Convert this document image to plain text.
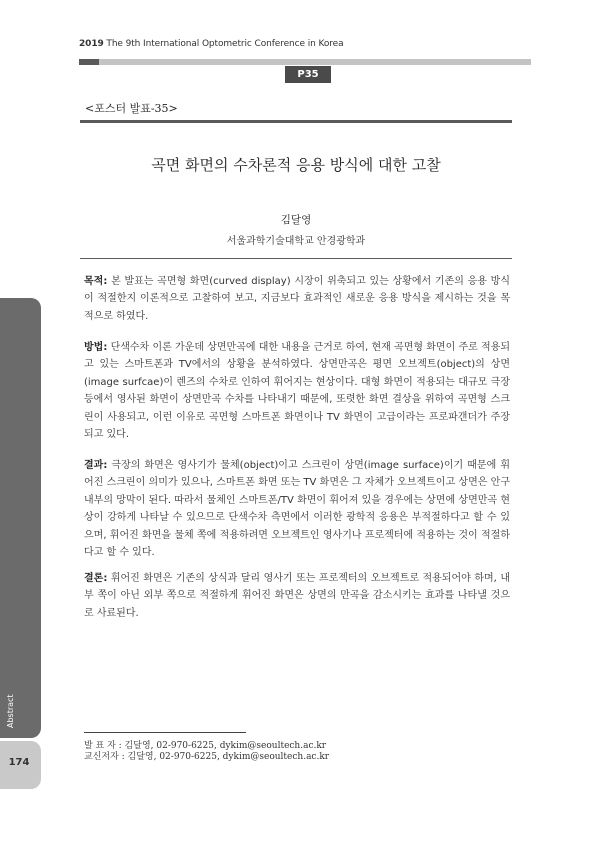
2019 The 9th International Optometric Conference in Korea
P35
<포스터 발표-35>
곡면 화면의 수차론적 응용 방식에 대한 고찰
김달영
서울과학기술대학교 안경광학과
목적: 본 발표는 곡면형 화면(curved display) 시장이 위축되고 있는 상황에서 기존의 응용 방식이 적절한지 이론적으로 고찰하여 보고, 지금보다 효과적인 새로운 응용 방식을 제시하는 것을 목적으로 하였다.
방법: 단색수차 이론 가운데 상면만곡에 대한 내용을 근거로 하여, 현재 곡면형 화면이 주로 적용되고 있는 스마트폰과 TV에서의 상황을 분석하였다. 상면만곡은 평면 오브젝트(object)의 상면(image surfcae)이 렌즈의 수차로 인하여 휘어지는 현상이다. 대형 화면이 적용되는 대규모 극장 등에서 영사된 화면이 상면만곡 수차를 나타내기 때문에, 또렷한 화면 결상을 위하여 곡면형 스크린이 사용되고, 이런 이유로 곡면형 스마트폰 화면이나 TV 화면이 고급이라는 프로파갠더가 주장되고 있다.
결과: 극장의 화면은 영사기가 물체(object)이고 스크린이 상면(image surface)이기 때문에 휘어진 스크린이 의미가 있으나, 스마트폰 화면 또는 TV 화면은 그 자체가 오브젝트이고 상면은 안구 내부의 망막이 된다. 따라서 물체인 스마트폰/TV 화면이 휘어져 있을 경우에는 상면에 상면만곡 현상이 강하게 나타날 수 있으므로 단색수차 측면에서 이러한 광학적 응용은 부적절하다고 할 수 있으며, 휘어진 화면을 물체 쪽에 적용하려면 오브젝트인 영사기나 프로젝터에 적용하는 것이 적절하다고 할 수 있다.
결론: 휘어진 화면은 기존의 상식과 달리 영사기 또는 프로젝터의 오브젝트로 적용되어야 하며, 내부 쪽이 아닌 외부 쪽으로 적절하게 휘어진 화면은 상면의 만곡을 감소시키는 효과를 나타낼 것으로 사료된다.
발 표 자 : 김달영, 02-970-6225, dykim@seoultech.ac.kr
교신저자 : 김달영, 02-970-6225, dykim@seoultech.ac.kr
Abstract
174
